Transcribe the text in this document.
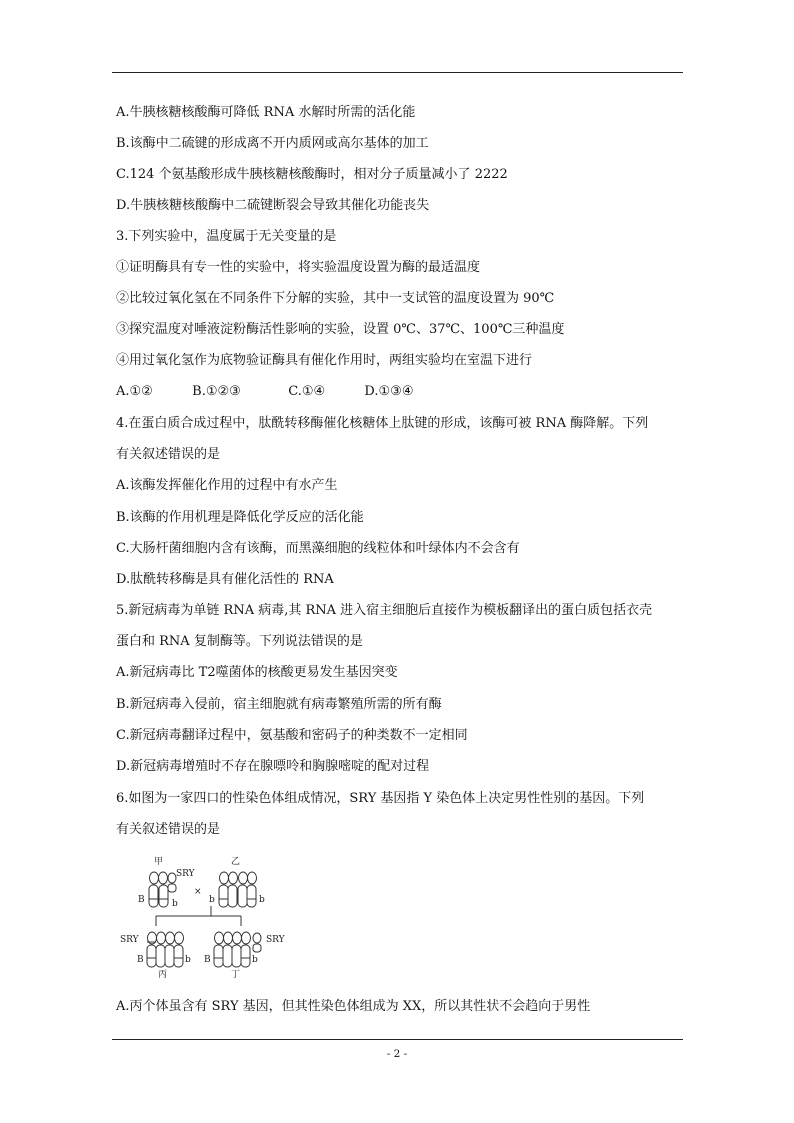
A.牛胰核糖核酸酶可降低 RNA 水解时所需的活化能
B.该酶中二硫键的形成离不开内质网或高尔基体的加工
C.124 个氨基酸形成牛胰核糖核酸酶时，相对分子质量减小了 2222
D.牛胰核糖核酸酶中二硫键断裂会导致其催化功能丧失
3.下列实验中，温度属于无关变量的是
①证明酶具有专一性的实验中，将实验温度设置为酶的最适温度
②比较过氧化氢在不同条件下分解的实验，其中一支试管的温度设置为 90℃
③探究温度对唾液淀粉酶活性影响的实验，设置 0℃、37℃、100℃三种温度
④用过氧化氢作为底物验证酶具有催化作用时，两组实验均在室温下进行
A.①②	B.①②③	C.①④	D.①③④
4.在蛋白质合成过程中，肽酰转移酶催化核糖体上肽键的形成，该酶可被 RNA 酶降解。下列
有关叙述错误的是
A.该酶发挥催化作用的过程中有水产生
B.该酶的作用机理是降低化学反应的活化能
C.大肠杆菌细胞内含有该酶，而黑藻细胞的线粒体和叶绿体内不会含有
D.肽酰转移酶是具有催化活性的 RNA
5.新冠病毒为单链 RNA 病毒,其 RNA 进入宿主细胞后直接作为模板翻译出的蛋白质包括衣壳
蛋白和 RNA 复制酶等。下列说法错误的是
A.新冠病毒比 T2噬菌体的核酸更易发生基因突变
B.新冠病毒入侵前，宿主细胞就有病毒繁殖所需的所有酶
C.新冠病毒翻译过程中，氨基酸和密码子的种类数不一定相同
D.新冠病毒增殖时不存在腺嘌呤和胸腺嘧啶的配对过程
6.如图为一家四口的性染色体组成情况，SRY 基因指 Y 染色体上决定男性性别的基因。下列
有关叙述错误的是
甲
SRY
×
乙
B	b	b	b
SRY
B	b
丙
B	b
SRY
丁
A.丙个体虽含有 SRY 基因，但其性染色体组成为 XX，所以其性状不会趋向于男性
- 2 -
